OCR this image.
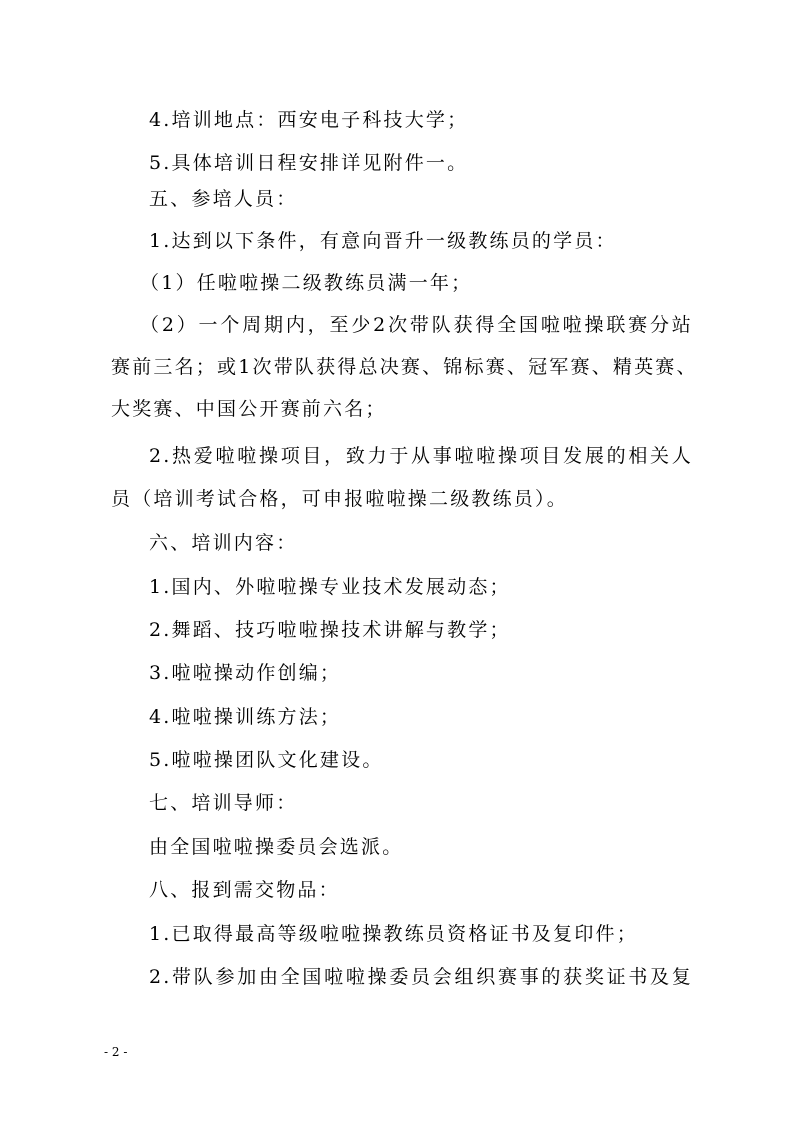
4.培训地点：西安电子科技大学；
5.具体培训日程安排详见附件一。
五、参培人员：
1.达到以下条件，有意向晋升一级教练员的学员：
（1）任啦啦操二级教练员满一年；
（2）一个周期内，至少2次带队获得全国啦啦操联赛分站
赛前三名；或1次带队获得总决赛、锦标赛、冠军赛、精英赛、
大奖赛、中国公开赛前六名；
2.热爱啦啦操项目，致力于从事啦啦操项目发展的相关人
员（培训考试合格，可申报啦啦操二级教练员）。
六、培训内容：
1.国内、外啦啦操专业技术发展动态；
2.舞蹈、技巧啦啦操技术讲解与教学；
3.啦啦操动作创编；
4.啦啦操训练方法；
5.啦啦操团队文化建设。
七、培训导师：
由全国啦啦操委员会选派。
八、报到需交物品：
1.已取得最高等级啦啦操教练员资格证书及复印件；
2.带队参加由全国啦啦操委员会组织赛事的获奖证书及复
- 2 -
